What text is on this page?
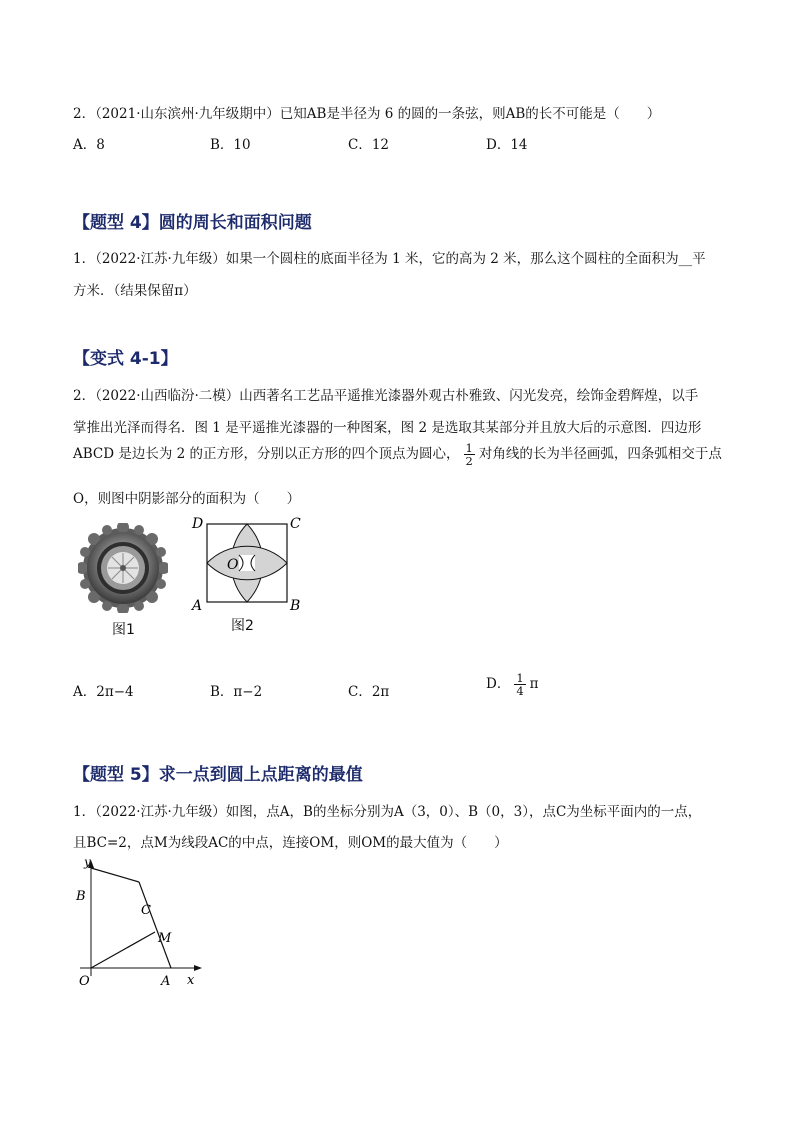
2．（2021·山东滨州·九年级期中）已知AB是半径为 6 的圆的一条弦，则AB的长不可能是（　　）
A．8	B．10	C．12	D．14
【题型 4】圆的周长和面积问题
1．（2022·江苏·九年级）如果一个圆柱的底面半径为 1 米，它的高为 2 米，那么这个圆柱的全面积为__平
方米．（结果保留π）
【变式 4-1】
2．（2022·山西临汾·二模）山西著名工艺品平遥推光漆器外观古朴雅致、闪光发亮，绘饰金碧辉煌，以手
掌推出光泽而得名．图 1 是平遥推光漆器的一种图案，图 2 是选取其某部分并且放大后的示意图．四边形
ABCD 是边长为 2 的正方形，分别以正方形的四个顶点为圆心， $\frac{1}{2}$ 对角线的长为半径画弧，四条弧相交于点
O，则图中阴影部分的面积为（　　）
图1
D	C
A	B
O
图2
A．2π−4	B．π−2	C．2π	D． $\frac{1}{4}$ π
【题型 5】求一点到圆上点距离的最值
1．（2022·江苏·九年级）如图，点A，B的坐标分别为A（3，0）、B（0，3），点C为坐标平面内的一点，
且BC=2，点M为线段AC的中点，连接OM，则OM的最大值为（　　）
y
x
B
C
M
O	A
